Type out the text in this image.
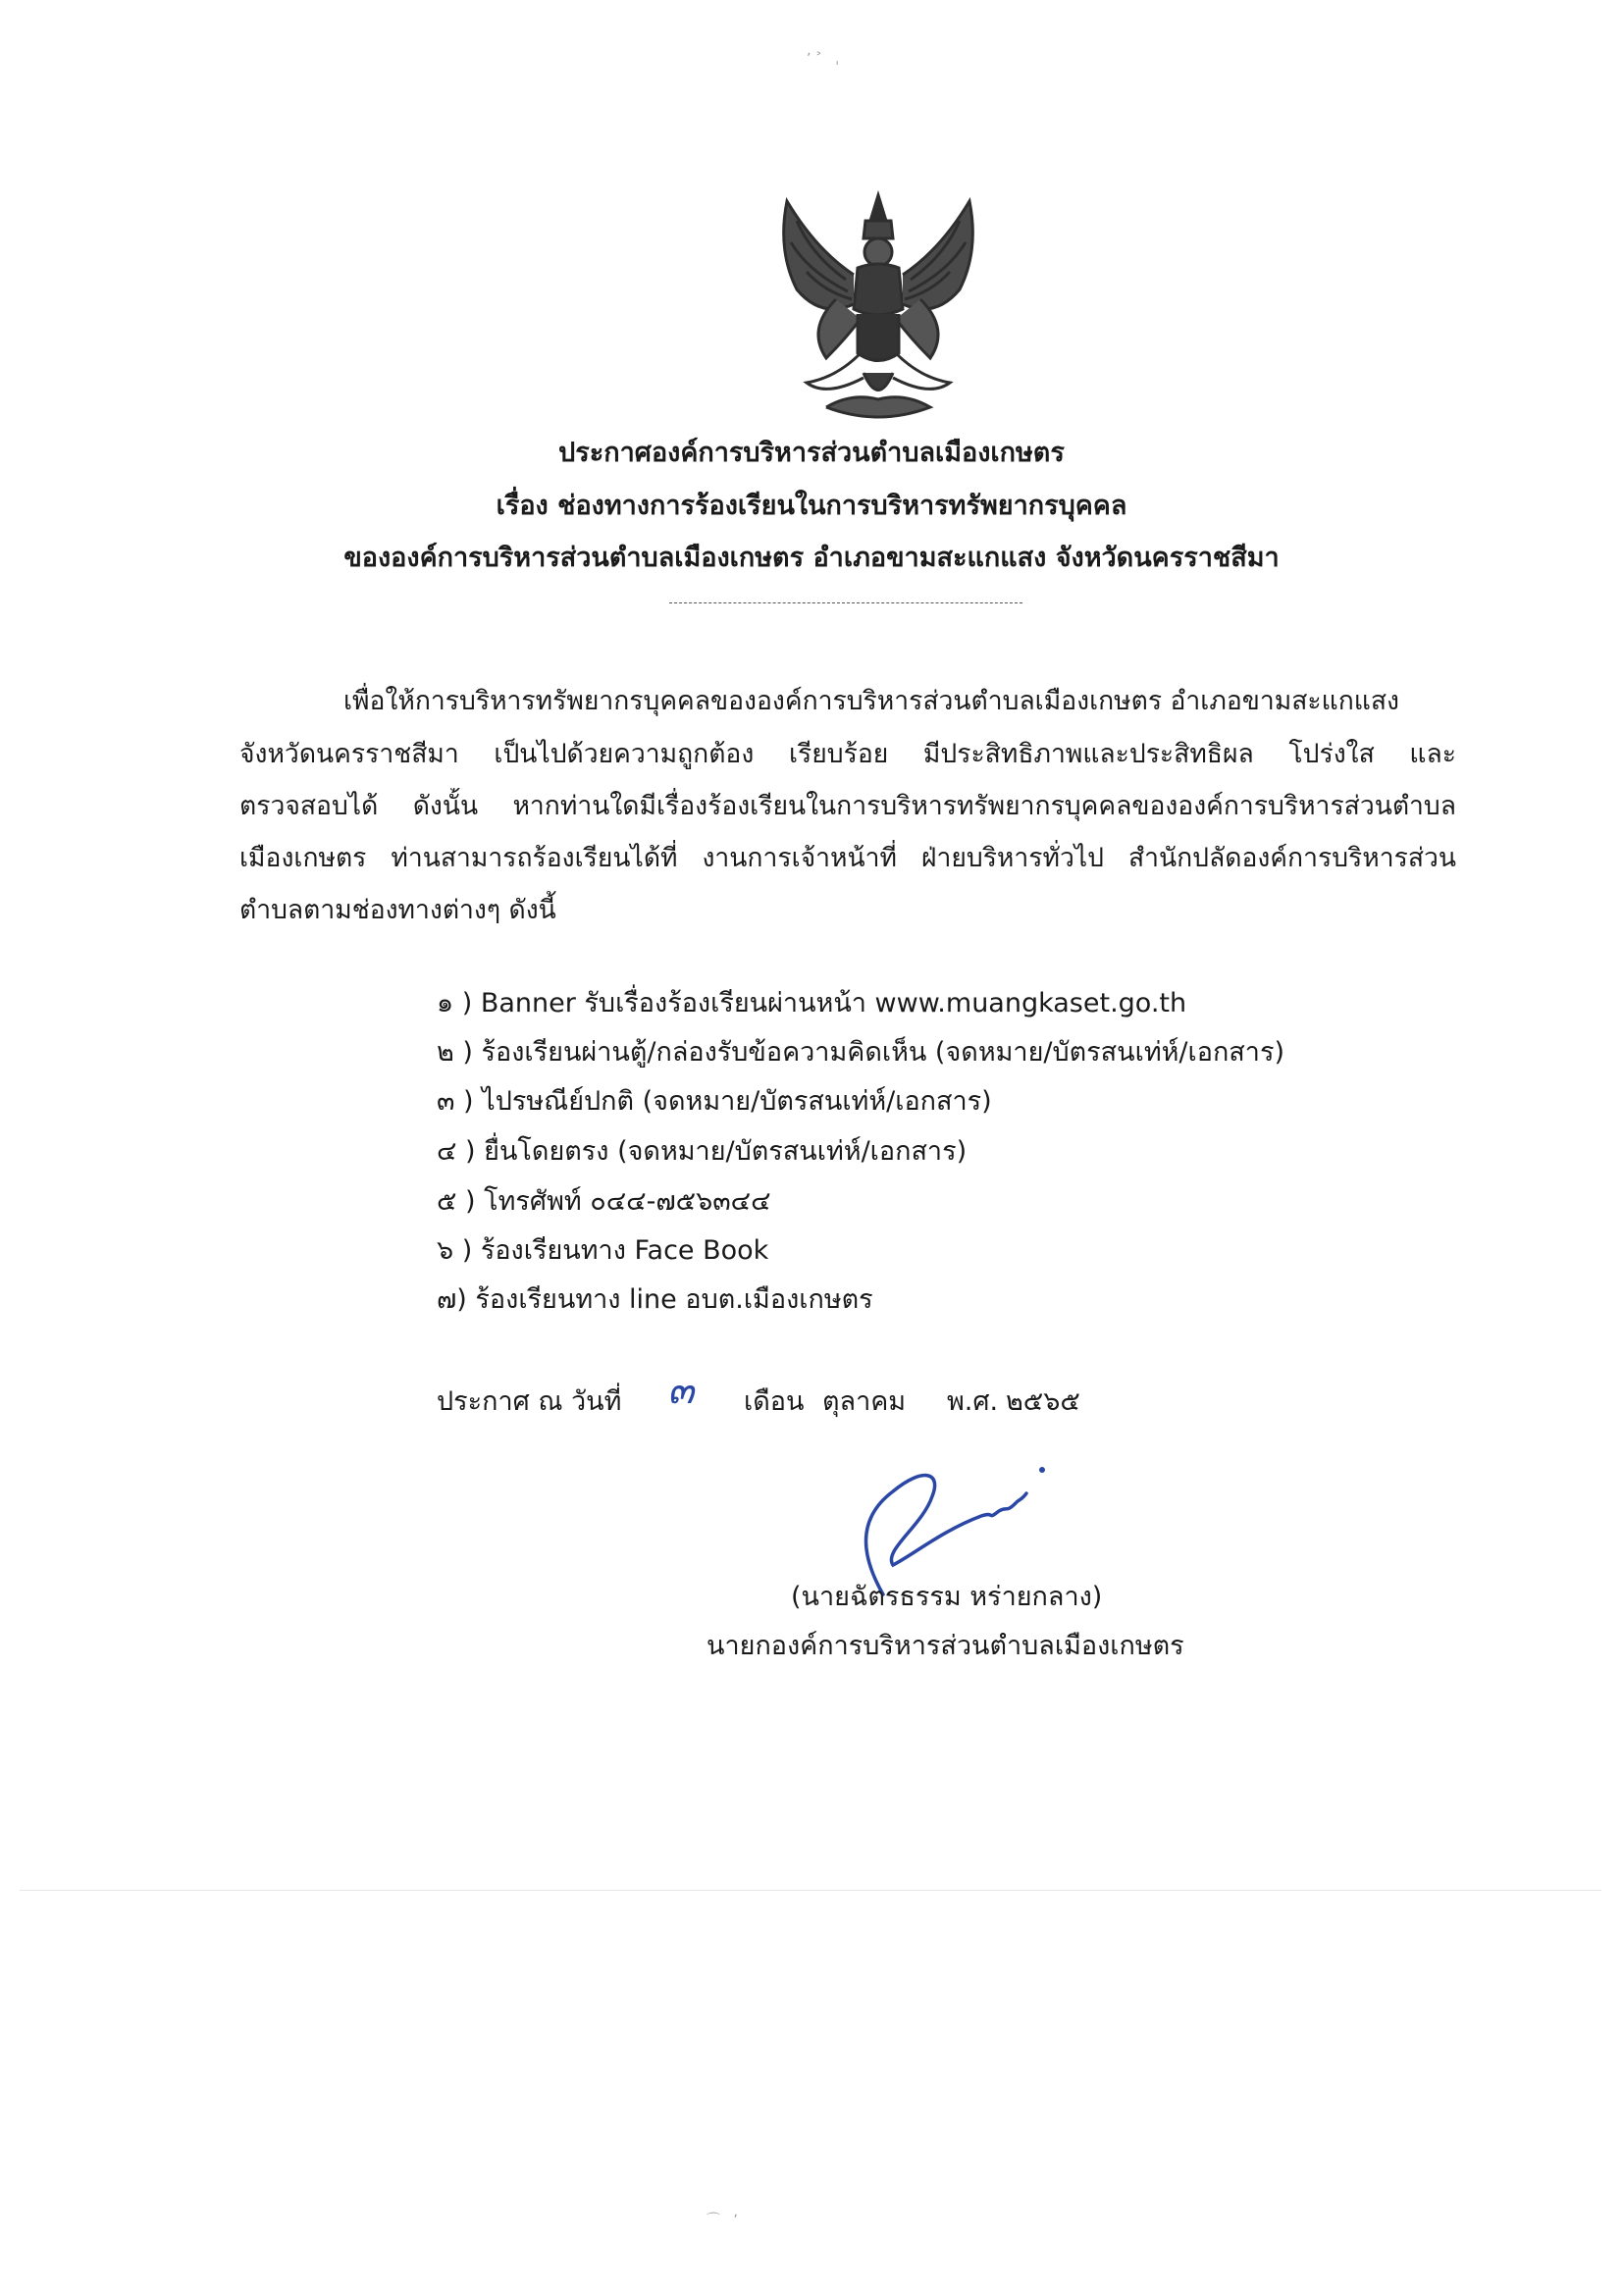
ʼ ˃   ˌ
⌒   ʼ
ประกาศองค์การบริหารส่วนตำบลเมืองเกษตร
เรื่อง ช่องทางการร้องเรียนในการบริหารทรัพยากรบุคคล
ขององค์การบริหารส่วนตำบลเมืองเกษตร อำเภอขามสะแกแสง จังหวัดนครราชสีมา
เพื่อให้การบริหารทรัพยากรบุคคลขององค์การบริหารส่วนตำบลเมืองเกษตร อำเภอขามสะแกแสง
จังหวัดนครราชสีมา เป็นไปด้วยความถูกต้อง เรียบร้อย มีประสิทธิภาพและประสิทธิผล โปร่งใส และ
ตรวจสอบได้ ดังนั้น หากท่านใดมีเรื่องร้องเรียนในการบริหารทรัพยากรบุคคลขององค์การบริหารส่วนตำบล
เมืองเกษตร ท่านสามารถร้องเรียนได้ที่ งานการเจ้าหน้าที่ ฝ่ายบริหารทั่วไป สำนักปลัดองค์การบริหารส่วน
ตำบลตามช่องทางต่างๆ ดังนี้
๑ ) Banner รับเรื่องร้องเรียนผ่านหน้า www.muangkaset.go.th
๒ ) ร้องเรียนผ่านตู้/กล่องรับข้อความคิดเห็น (จดหมาย/บัตรสนเท่ห์/เอกสาร)
๓ ) ไปรษณีย์ปกติ (จดหมาย/บัตรสนเท่ห์/เอกสาร)
๔ ) ยื่นโดยตรง (จดหมาย/บัตรสนเท่ห์/เอกสาร)
๕ ) โทรศัพท์ ๐๔๔-๗๕๖๓๔๔
๖ ) ร้องเรียนทาง Face Book
๗) ร้องเรียนทาง line อบต.เมืองเกษตร
ประกาศ ณ วันที่ ๓ เดือน ตุลาคม พ.ศ. ๒๕๖๕
(นายฉัตรธรรม หร่ายกลาง)
นายกองค์การบริหารส่วนตำบลเมืองเกษตร
